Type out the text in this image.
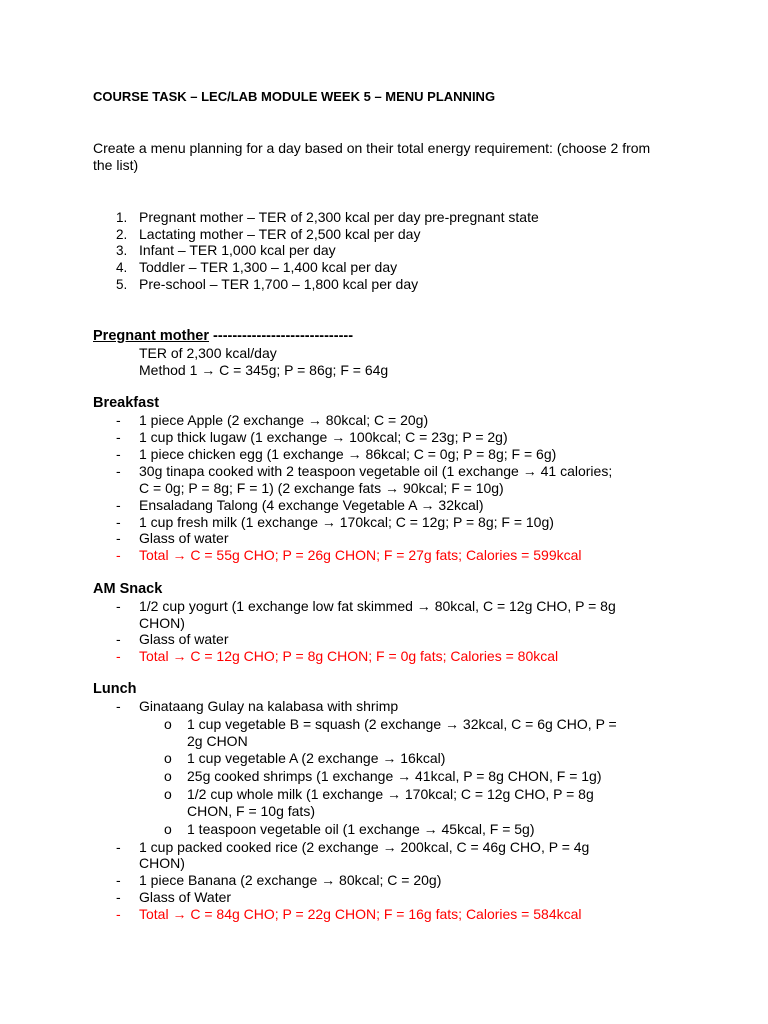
COURSE TASK – LEC/LAB MODULE WEEK 5 – MENU PLANNING
Create a menu planning for a day based on their total energy requirement: (choose 2 from
the list)
1. Pregnant mother – TER of 2,300 kcal per day pre-pregnant state
2. Lactating mother – TER of 2,500 kcal per day
3. Infant – TER 1,000 kcal per day
4. Toddler – TER 1,300 – 1,400 kcal per day
5. Pre-school – TER 1,700 – 1,800 kcal per day
Pregnant mother -----------------------------
TER of 2,300 kcal/day
Method 1 → C = 345g; P = 86g; F = 64g
Breakfast
- 1 piece Apple (2 exchange → 80kcal; C = 20g)
- 1 cup thick lugaw (1 exchange → 100kcal; C = 23g; P = 2g)
- 1 piece chicken egg (1 exchange → 86kcal; C = 0g; P = 8g; F = 6g)
- 30g tinapa cooked with 2 teaspoon vegetable oil (1 exchange → 41 calories;
C = 0g; P = 8g; F = 1) (2 exchange fats → 90kcal; F = 10g)
- Ensaladang Talong (4 exchange Vegetable A → 32kcal)
- 1 cup fresh milk (1 exchange → 170kcal; C = 12g; P = 8g; F = 10g)
- Glass of water
- Total → C = 55g CHO; P = 26g CHON; F = 27g fats; Calories = 599kcal
AM Snack
- 1/2 cup yogurt (1 exchange low fat skimmed → 80kcal, C = 12g CHO, P = 8g
CHON)
- Glass of water
- Total → C = 12g CHO; P = 8g CHON; F = 0g fats; Calories = 80kcal
Lunch
- Ginataang Gulay na kalabasa with shrimp
o 1 cup vegetable B = squash (2 exchange → 32kcal, C = 6g CHO, P =
2g CHON
o 1 cup vegetable A (2 exchange → 16kcal)
o 25g cooked shrimps (1 exchange → 41kcal, P = 8g CHON, F = 1g)
o 1/2 cup whole milk (1 exchange → 170kcal; C = 12g CHO, P = 8g
CHON, F = 10g fats)
o 1 teaspoon vegetable oil (1 exchange → 45kcal, F = 5g)
- 1 cup packed cooked rice (2 exchange → 200kcal, C = 46g CHO, P = 4g
CHON)
- 1 piece Banana (2 exchange → 80kcal; C = 20g)
- Glass of Water
- Total → C = 84g CHO; P = 22g CHON; F = 16g fats; Calories = 584kcal
